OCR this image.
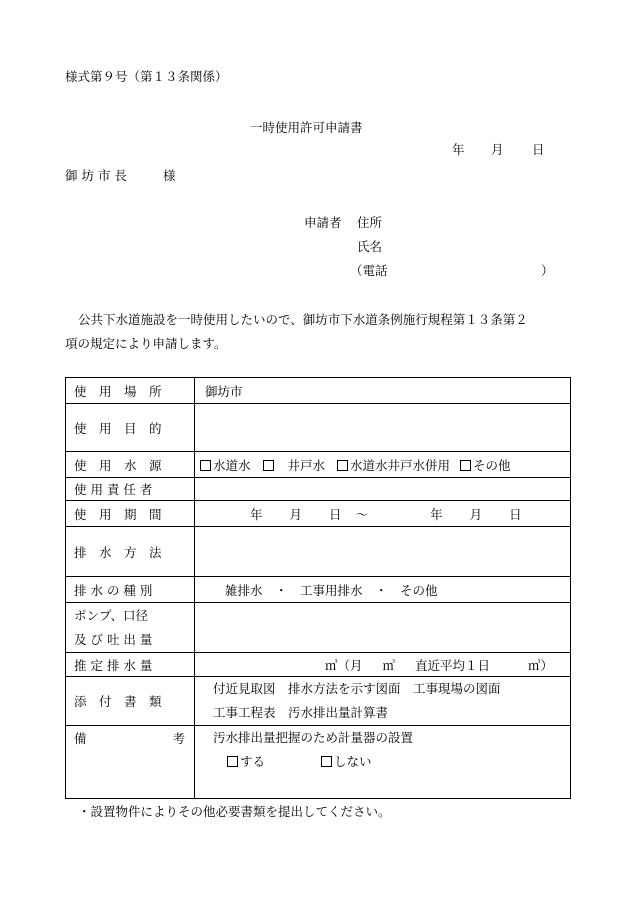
様式第９号（第１３条関係）
一時使用許可申請書
年 月 日
御 坊 市 長	様
申請者 住所
氏名
（電話	）
公共下水道施設を一時使用したいので、御坊市下水道条例施行規程第１３条第２
項の規定により申請します。
使　用　場　所	御坊市
使　用　目　的	
使　用　水　源	水道水 井戸水 水道水井戸水併用 その他
使 用 責 任 者	
使　用　期　間	年 月 日 〜 年 月 日
排　水　方　法	
排 水 の 種 別	雑排水　・　工事用排水　・　その他

ポンプ、口径
及 び 吐 出 量	

推 定 排 水 量	㎥（月 ㎥ 直近平均１日 ㎥）
添　付　書　類	付近見取図　排水方法を示す図面　工事現場の図面
工事工程表　汚水排出量計算書

備 考	汚水排出量把握のため計量器の設置
する しない
・設置物件によりその他必要書類を提出してください。
